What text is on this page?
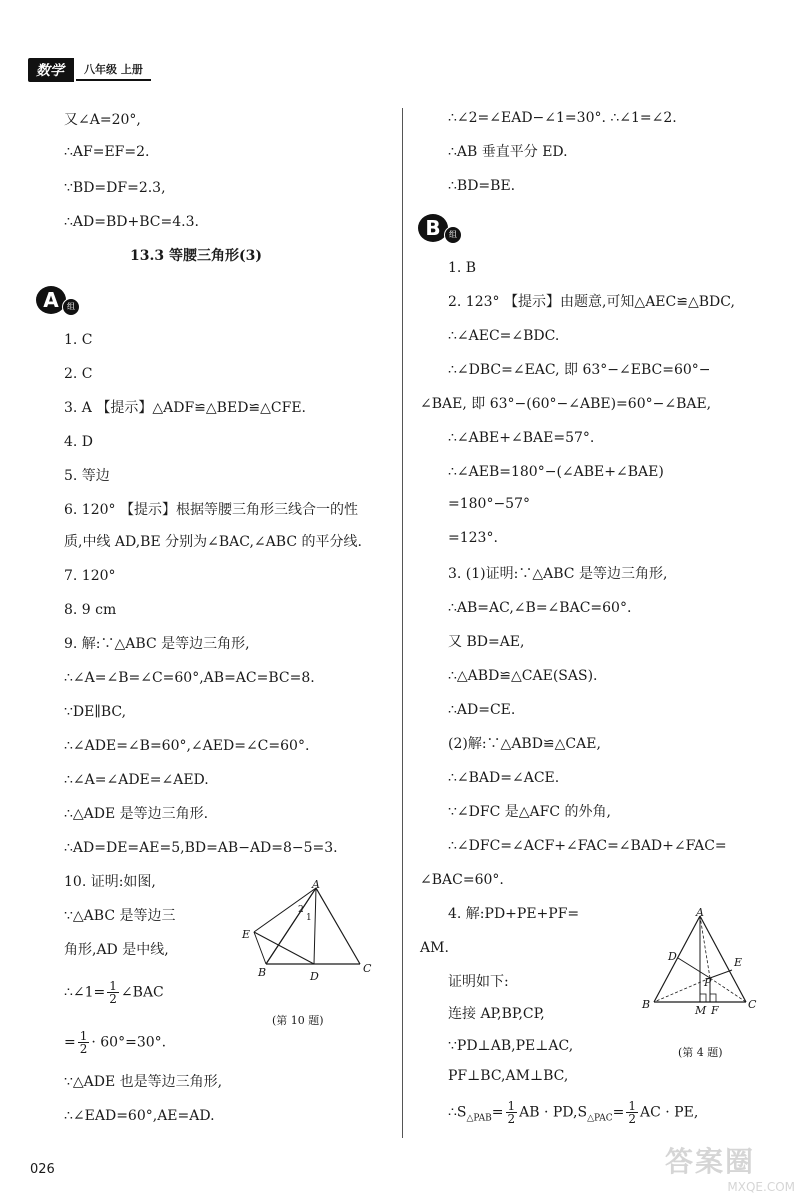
数学	八年级 上册
又∠A=20°,
∴AF=EF=2.
∵BD=DF=2.3,
∴AD=BD+BC=4.3.
13.3 等腰三角形(3)
A	组
1. C
2. C
3. A 【提示】△ADF≌△BED≌△CFE.
4. D
5. 等边
6. 120° 【提示】根据等腰三角形三线合一的性
质,中线 AD,BE 分别为∠BAC,∠ABC 的平分线.
7. 120°
8. 9 cm
9. 解:∵△ABC 是等边三角形,
∴∠A=∠B=∠C=60°,AB=AC=BC=8.
∵DE∥BC,
∴∠ADE=∠B=60°,∠AED=∠C=60°.
∴∠A=∠ADE=∠AED.
∴△ADE 是等边三角形.
∴AD=DE=AE=5,BD=AB−AD=8−5=3.
10. 证明:如图,
∵△ABC 是等边三
角形,AD 是中线,
∴∠1= $\frac{1}{2}$ ∠BAC
= $\frac{1}{2} \cdot 60^\circ=30^\circ$.
∵△ADE 也是等边三角形,
∴∠EAD=60°,AE=AD.
A
B	C
D
E
1
2
(第 10 题)
∴∠2=∠EAD−∠1=30°. ∴∠1=∠2.
∴AB 垂直平分 ED.
∴BD=BE.
B	组
1. B
2. 123° 【提示】由题意,可知△AEC≌△BDC,
∴∠AEC=∠BDC.
∴∠DBC=∠EAC, 即 63°−∠EBC=60°−
∠BAE, 即 63°−(60°−∠ABE)=60°−∠BAE,
∴∠ABE+∠BAE=57°.
∴∠AEB=180°−(∠ABE+∠BAE)
=180°−57°
=123°.
3. (1)证明:∵△ABC 是等边三角形,
∴AB=AC,∠B=∠BAC=60°.
又 BD=AE,
∴△ABD≌△CAE(SAS).
∴AD=CE.
(2)解:∵△ABD≌△CAE,
∴∠BAD=∠ACE.
∵∠DFC 是△AFC 的外角,
∴∠DFC=∠ACF+∠FAC=∠BAD+∠FAC=
∠BAC=60°.
4. 解:PD+PE+PF=
AM.
证明如下:
连接 AP,BP,CP,
∵PD⊥AB,PE⊥AC,
PF⊥BC,AM⊥BC,
$\therefore S_{\triangle PAB}= \frac{1}{2}$ AB · $PD,S_{\triangle PAC}= \frac{1}{2}$ AC · PE,
A
B	C
D	E
P
M F
(第 4 题)
026	答案圈
MXQE.COM
